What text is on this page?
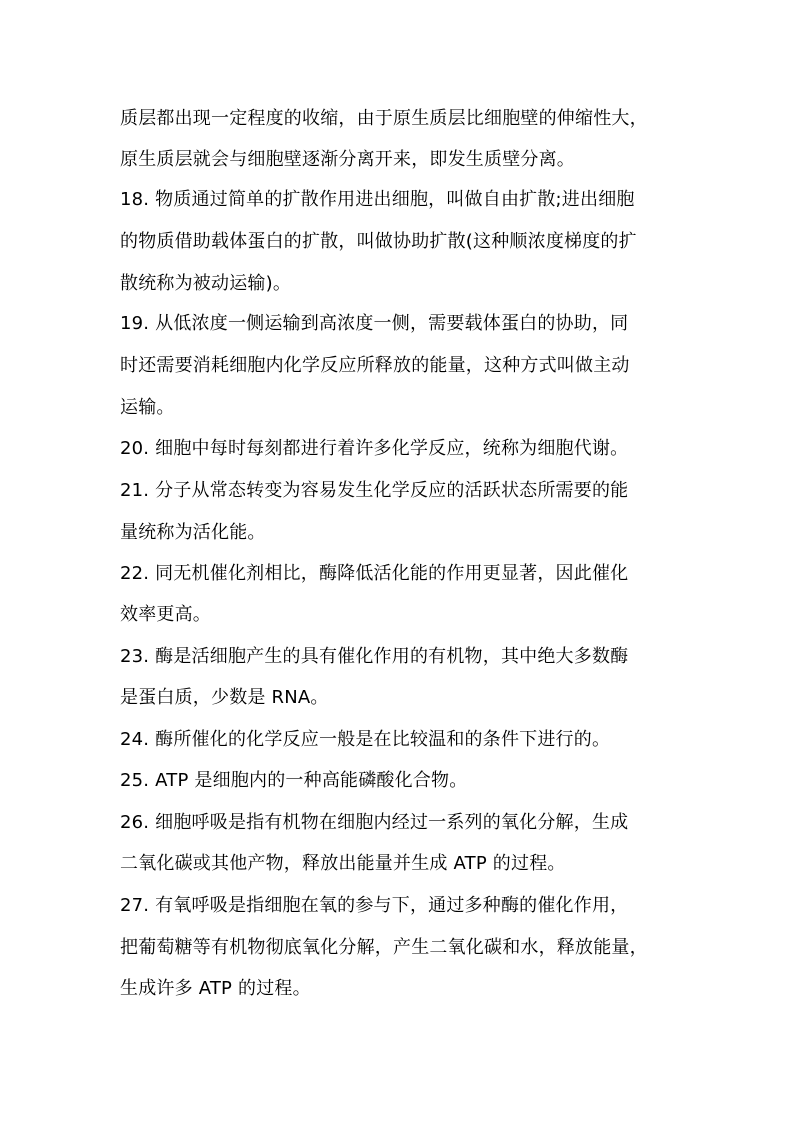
质层都出现一定程度的收缩，由于原生质层比细胞壁的伸缩性大，
原生质层就会与细胞壁逐渐分离开来，即发生质壁分离。
18. 物质通过简单的扩散作用进出细胞，叫做自由扩散;进出细胞
的物质借助载体蛋白的扩散，叫做协助扩散(这种顺浓度梯度的扩
散统称为被动运输)。
19. 从低浓度一侧运输到高浓度一侧，需要载体蛋白的协助，同
时还需要消耗细胞内化学反应所释放的能量，这种方式叫做主动
运输。
20. 细胞中每时每刻都进行着许多化学反应，统称为细胞代谢。
21. 分子从常态转变为容易发生化学反应的活跃状态所需要的能
量统称为活化能。
22. 同无机催化剂相比，酶降低活化能的作用更显著，因此催化
效率更高。
23. 酶是活细胞产生的具有催化作用的有机物，其中绝大多数酶
是蛋白质，少数是 RNA。
24. 酶所催化的化学反应一般是在比较温和的条件下进行的。
25. ATP 是细胞内的一种高能磷酸化合物。
26. 细胞呼吸是指有机物在细胞内经过一系列的氧化分解，生成
二氧化碳或其他产物，释放出能量并生成 ATP 的过程。
27. 有氧呼吸是指细胞在氧的参与下，通过多种酶的催化作用，
把葡萄糖等有机物彻底氧化分解，产生二氧化碳和水，释放能量，
生成许多 ATP 的过程。
